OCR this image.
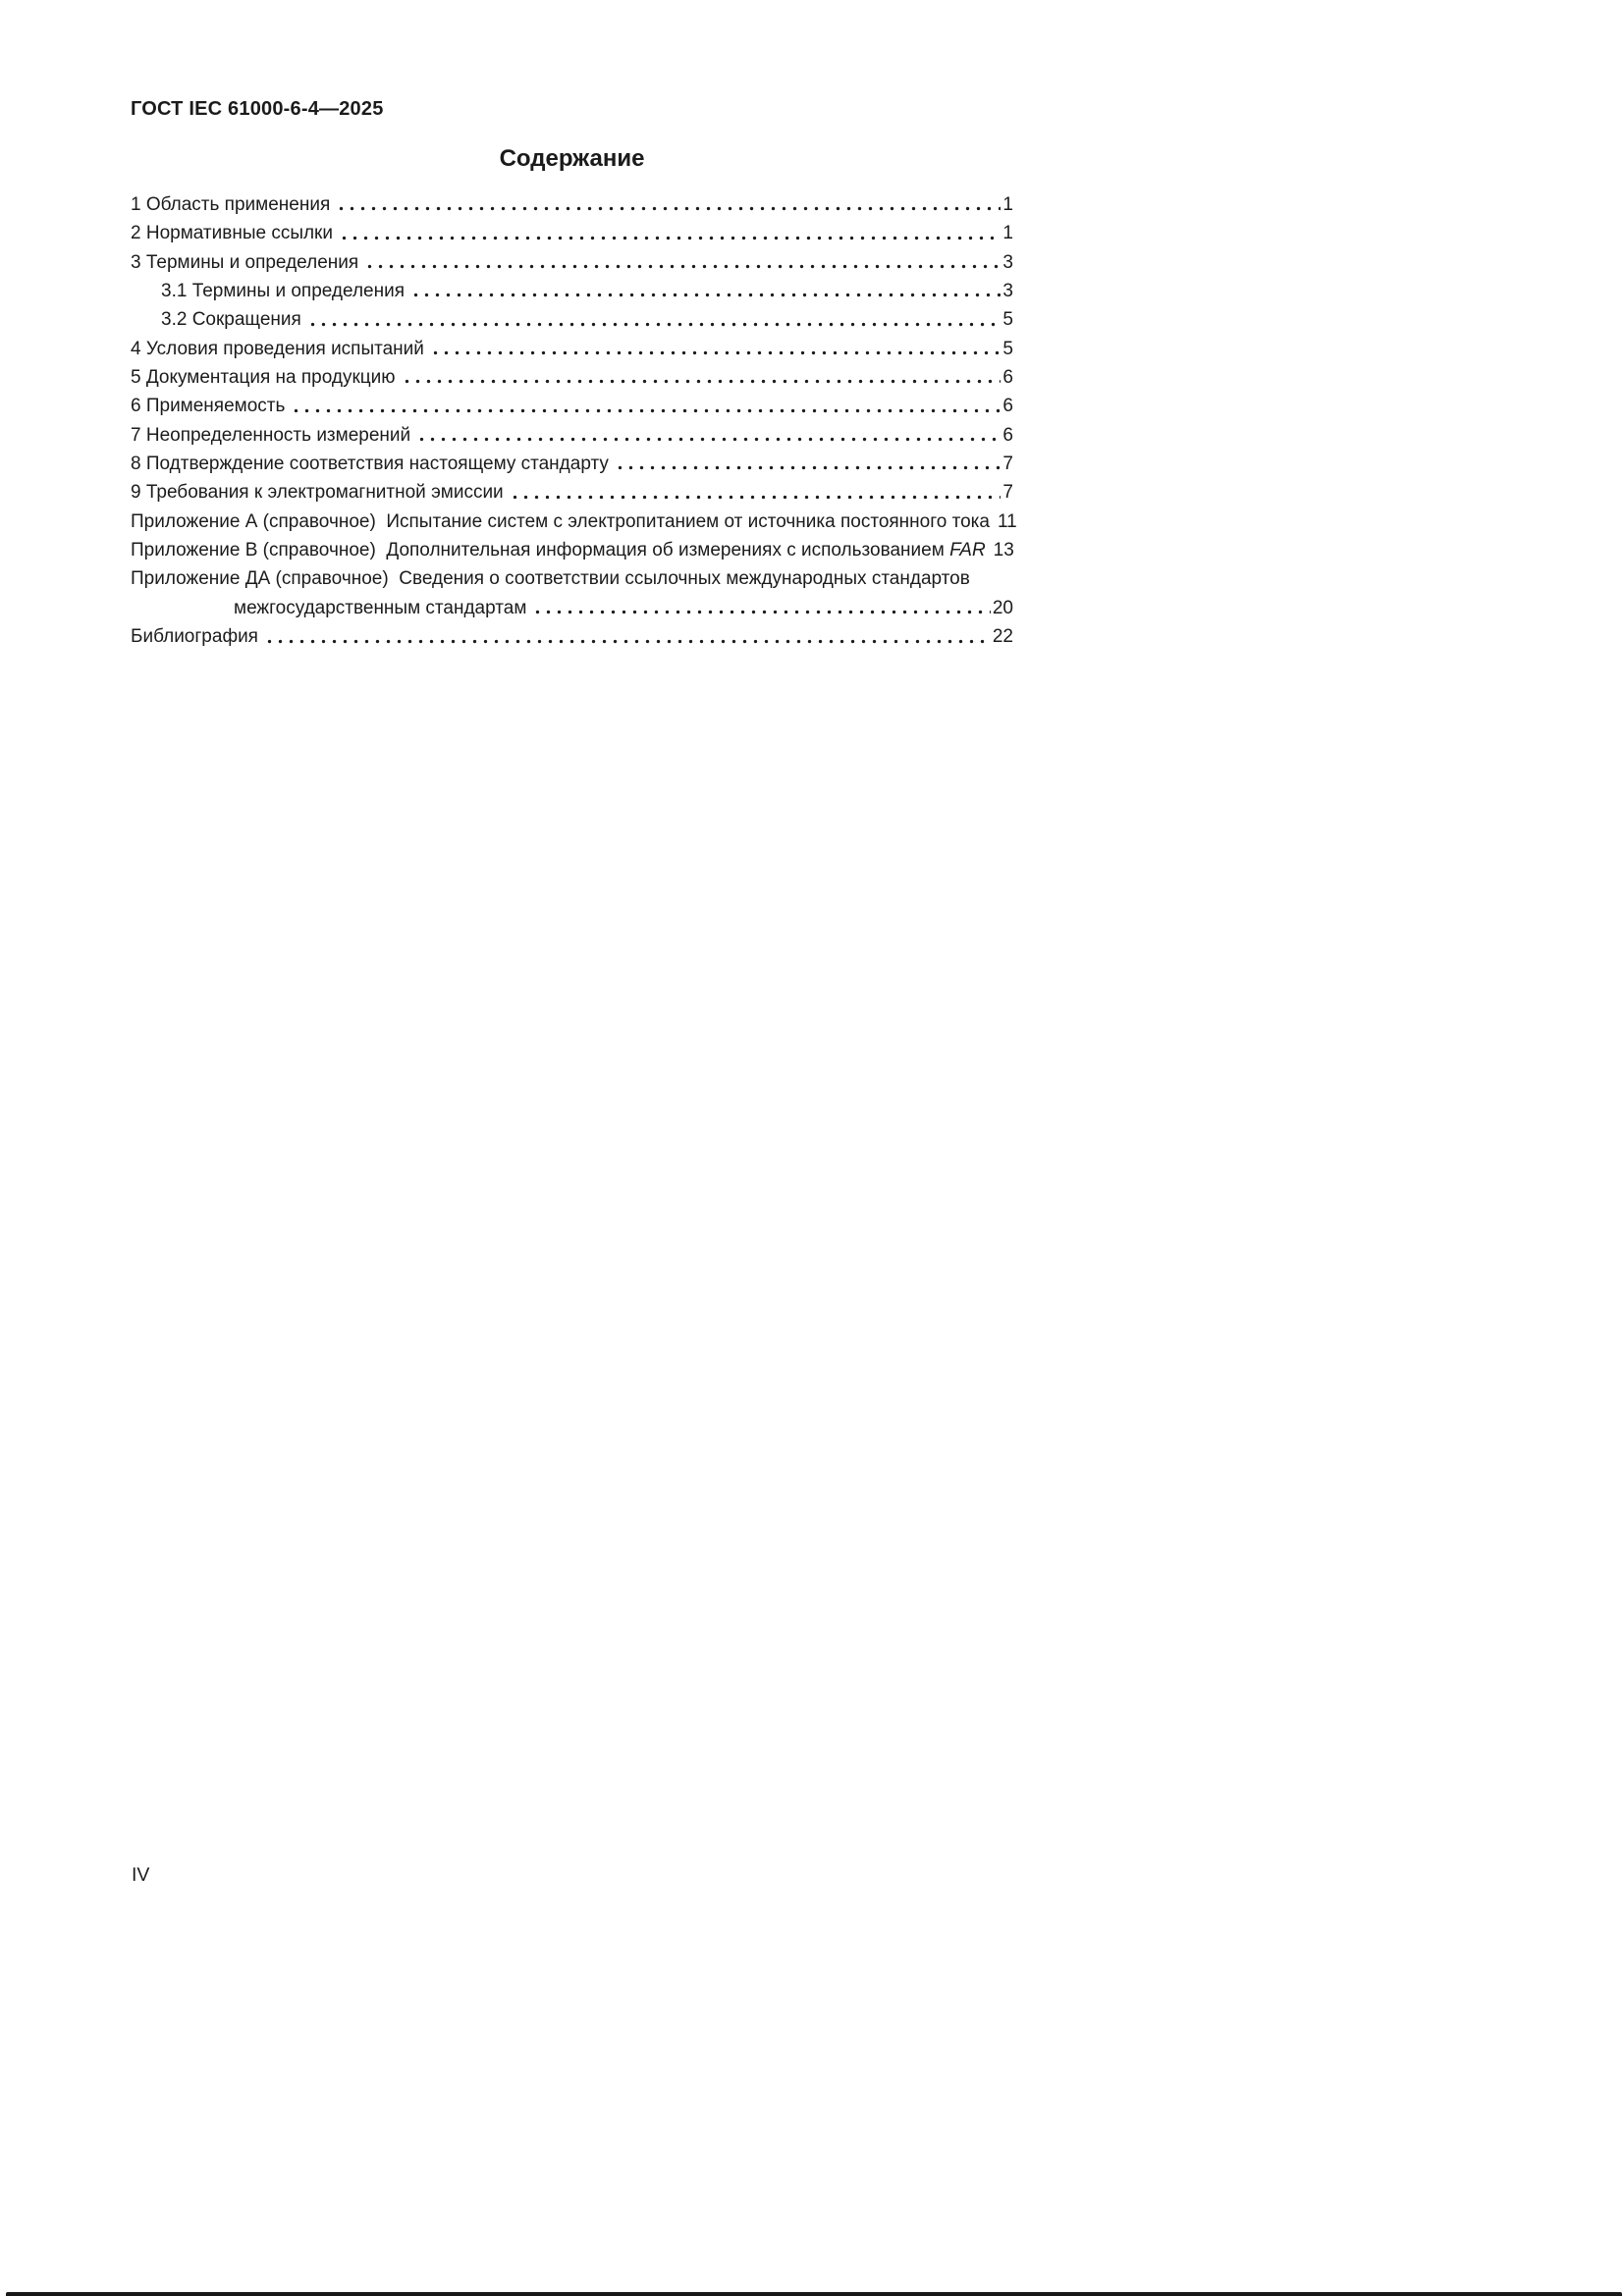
ГОСТ IEC 61000-6-4—2025
Содержание
1 Область применения	1
2 Нормативные ссылки	1
3 Термины и определения	3
3.1 Термины и определения	3
3.2 Сокращения	5
4 Условия проведения испытаний	5
5 Документация на продукцию	6
6 Применяемость	6
7 Неопределенность измерений	6
8 Подтверждение соответствия настоящему стандарту	7
9 Требования к электромагнитной эмиссии	7
Приложение А (справочное)  Испытание систем с электропитанием от источника постоянного тока 11
Приложение В (справочное)  Дополнительная информация об измерениях с использованием FAR 13
Приложение ДА (справочное)  Сведения о соответствии ссылочных международных стандартов
межгосударственным стандартам	20
Библиография	22
IV
